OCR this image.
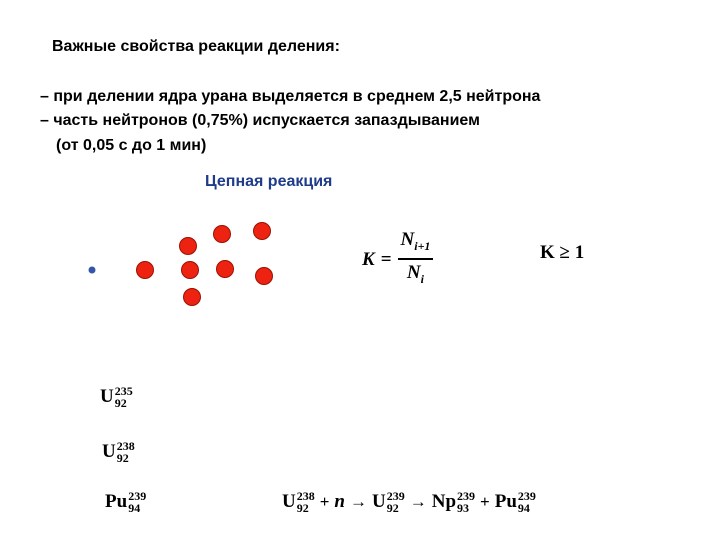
Важные свойства реакции деления:
– при делении ядра урана выделяется в среднем 2,5 нейтрона
– часть нейтронов (0,75%) испускается запаздыванием
(от 0,05 с до 1 мин)
Цепная реакция
$K = \frac{N_{i+1}}{N_i}$	K ≥ 1
U 235
92
U 238
92
Pu 239
94	U 238
92 + n → U 239
92 → Np 239
93 + Pu 239
94
